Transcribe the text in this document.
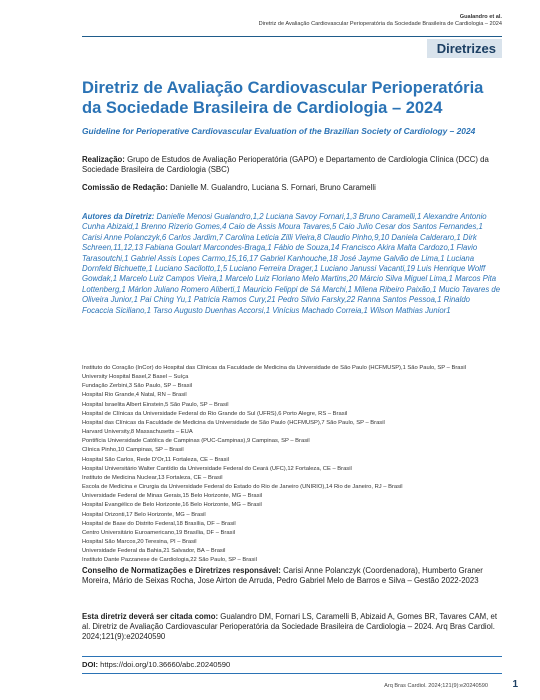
Gualandro et al.
Diretriz de Avaliação Cardiovascular Perioperatória da Sociedade Brasileira de Cardiologia – 2024
Diretrizes
Diretriz de Avaliação Cardiovascular Perioperatória da Sociedade Brasileira de Cardiologia – 2024
Guideline for Perioperative Cardiovascular Evaluation of the Brazilian Society of Cardiology – 2024
Realização: Grupo de Estudos de Avaliação Perioperatória (GAPO) e Departamento de Cardiologia Clínica (DCC) da Sociedade Brasileira de Cardiologia (SBC)
Comissão de Redação: Danielle M. Gualandro, Luciana S. Fornari, Bruno Caramelli
Autores da Diretriz: Danielle Menosi Gualandro,1,2 Luciana Savoy Fornari,1,3 Bruno Caramelli,1 Alexandre Antonio Cunha Abizaid,1 Brenno Rizerio Gomes,4 Caio de Assis Moura Tavares,5 Caio Julio Cesar dos Santos Fernandes,1 Carisi Anne Polanczyk,6 Carlos Jardim,7 Carolina Leticia Zilli Vieira,8 Claudio Pinho,9,10 Daniela Calderaro,1 Dirk Schreen,11,12,13 Fabiana Goulart Marcondes-Braga,1 Fábio de Souza,14 Francisco Akira Malta Cardozo,1 Flavio Tarasoutchi,1 Gabriel Assis Lopes Carmo,15,16,17 Gabriel Kanhouche,18 José Jayme Galvão de Lima,1 Luciana Dornfeld Bichuette,1 Luciano Sacilotto,1,5 Luciano Ferreira Drager,1 Luciano Janussi Vacanti,19 Luis Henrique Wolff Gowdak,1 Marcelo Luiz Campos Vieira,1 Marcelo Luiz Floriano Melo Martins,20 Márcio Silva Miguel Lima,1 Marcos Pita Lottenberg,1 Márlon Juliano Romero Aliberti,1 Mauricio Felippi de Sá Marchi,1 Milena Ribeiro Paixão,1 Mucio Tavares de Oliveira Junior,1 Pai Ching Yu,1 Patricia Ramos Cury,21 Pedro Silvio Farsky,22 Ranna Santos Pessoa,1 Rinaldo Focaccia Siciliano,1 Tarso Augusto Duenhas Accorsi,1 Vinícius Machado Correia,1 Wilson Mathias Junior1
Instituto do Coração (InCor) do Hospital das Clínicas da Faculdade de Medicina da Universidade de São Paulo (HCFMUSP),1 São Paulo, SP – Brasil
University Hospital Basel,2 Basel – Suíça
Fundação Zerbini,3 São Paulo, SP – Brasil
Hospital Rio Grande,4 Natal, RN – Brasil
Hospital Israelita Albert Einstein,5 São Paulo, SP – Brasil
Hospital de Clínicas da Universidade Federal do Rio Grande do Sul (UFRS),6 Porto Alegre, RS – Brasil
Hospital das Clínicas da Faculdade de Medicina da Universidade de São Paulo (HCFMUSP),7 São Paulo, SP – Brasil
Harvard University,8 Massachusetts – EUA
Pontifícia Universidade Católica de Campinas (PUC-Campinas),9 Campinas, SP – Brasil
Clínica Pinho,10 Campinas, SP – Brasil
Hospital São Carlos, Rede D'Or,11 Fortaleza, CE – Brasil
Hospital Universitário Walter Cantídio da Universidade Federal do Ceará (UFC),12 Fortaleza, CE – Brasil
Instituto de Medicina Nuclear,13 Fortaleza, CE – Brasil
Escola de Medicina e Cirurgia da Universidade Federal do Estado do Rio de Janeiro (UNIRIO),14 Rio de Janeiro, RJ – Brasil
Universidade Federal de Minas Gerais,15 Belo Horizonte, MG – Brasil
Hospital Evangélico de Belo Horizonte,16 Belo Horizonte, MG – Brasil
Hospital Orizonti,17 Belo Horizonte, MG – Brasil
Hospital de Base do Distrito Federal,18 Brasília, DF – Brasil
Centro Universitário Euroamericano,19 Brasília, DF – Brasil
Hospital São Marcos,20 Teresina, PI – Brasil
Universidade Federal da Bahia,21 Salvador, BA – Brasil
Instituto Dante Pazzanese de Cardiologia,22 São Paulo, SP – Brasil
Conselho de Normatizações e Diretrizes responsável: Carisi Anne Polanczyk (Coordenadora), Humberto Graner Moreira, Mário de Seixas Rocha, Jose Airton de Arruda, Pedro Gabriel Melo de Barros e Silva – Gestão 2022-2023
Esta diretriz deverá ser citada como: Gualandro DM, Fornari LS, Caramelli B, Abizaid A, Gomes BR, Tavares CAM, et al. Diretriz de Avaliação Cardiovascular Perioperatória da Sociedade Brasileira de Cardiologia – 2024. Arq Bras Cardiol. 2024;121(9):e20240590
DOI: https://doi.org/10.36660/abc.20240590
Arq Bras Cardiol. 2024;121(9):e20240590 1
